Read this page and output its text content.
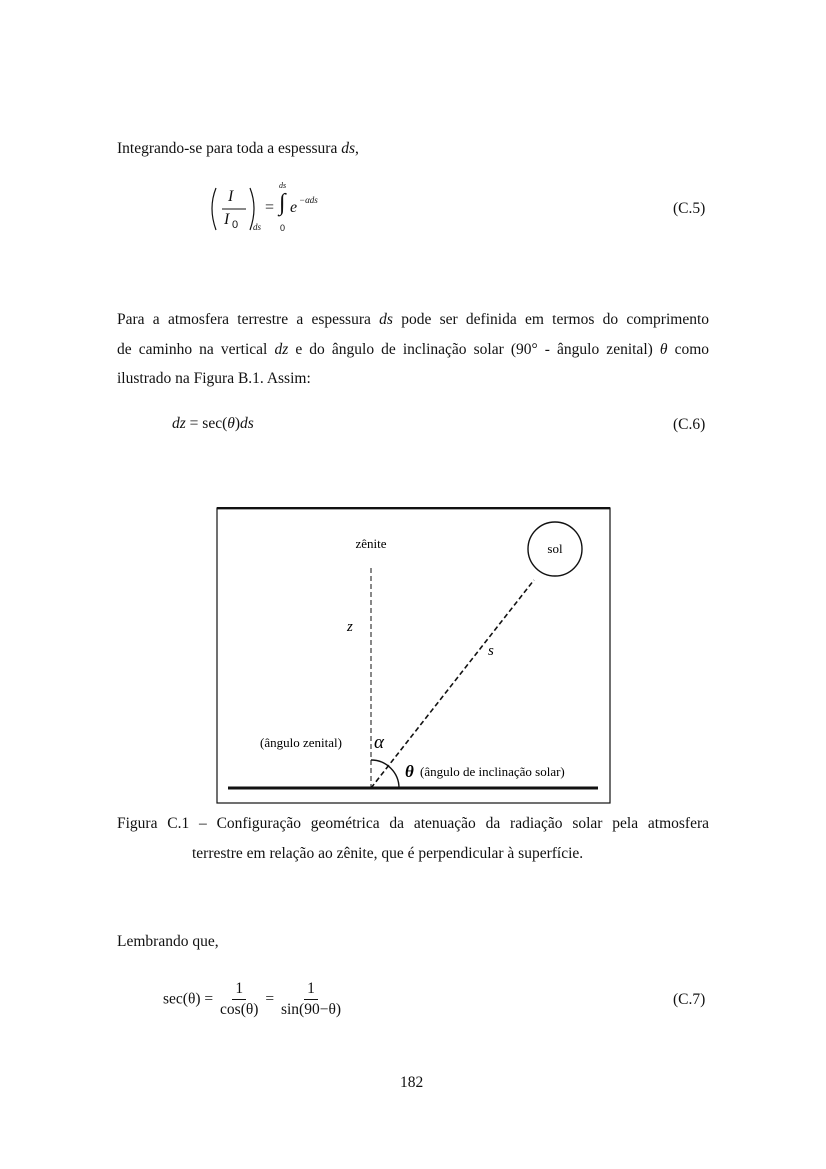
Integrando-se para toda a espessura ds,
I
I 0 ds
= ∫
ds
0
e −αds	(C.5)
Para a atmosfera terrestre a espessura ds pode ser definida em termos do comprimento
de caminho na vertical dz e do ângulo de inclinação solar (90° - ângulo zenital) θ como
ilustrado na Figura B.1. Assim:
dz = sec(θ)ds	(C.6)
zênite	sol
z
s
(ângulo zenital) α
θ (ângulo de inclinação solar)
Figura C.1 – Configuração geométrica da atenuação da radiação solar pela atmosfera
terrestre em relação ao zênite, que é perpendicular à superfície.
Lembrando que,
$\sec(\theta) = \frac{1}{\cos(\theta)} = \frac{1}{\sin(90-\theta)}$	(C.7)
182
